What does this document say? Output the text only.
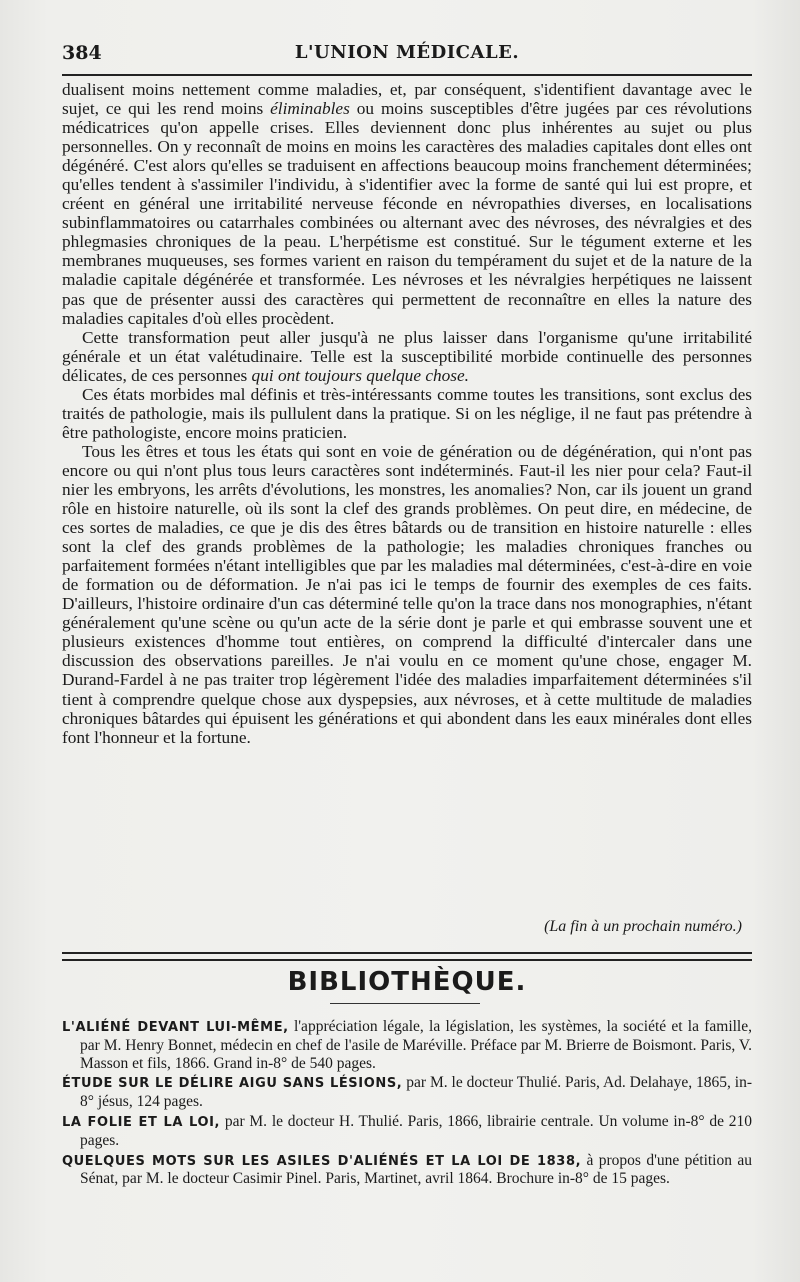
384	L'UNION MÉDICALE.

dualisent moins nettement comme maladies, et, par conséquent, s'identifient davantage avec le sujet, ce qui les rend moins éliminables ou moins susceptibles d'être jugées par ces révolutions médicatrices qu'on appelle crises. Elles deviennent donc plus inhérentes au sujet ou plus personnelles. On y reconnaît de moins en moins les caractères des maladies capitales dont elles ont dégénéré. C'est alors qu'elles se traduisent en affections beaucoup moins franchement déterminées; qu'elles tendent à s'assimiler l'individu, à s'identifier avec la forme de santé qui lui est propre, et créent en général une irritabilité nerveuse féconde en névropathies diverses, en localisations subinflammatoires ou catarrhales combinées ou alternant avec des névroses, des névralgies et des phlegmasies chroniques de la peau. L'herpétisme est constitué. Sur le tégument externe et les membranes muqueuses, ses formes varient en raison du tempérament du sujet et de la nature de la maladie capitale dégénérée et transformée. Les névroses et les névralgies herpétiques ne laissent pas que de présenter aussi des caractères qui permettent de reconnaître en elles la nature des maladies capitales d'où elles procèdent.

Cette transformation peut aller jusqu'à ne plus laisser dans l'organisme qu'une irritabilité générale et un état valétudinaire. Telle est la susceptibilité morbide continuelle des personnes délicates, de ces personnes qui ont toujours quelque chose.

Ces états morbides mal définis et très-intéressants comme toutes les transitions, sont exclus des traités de pathologie, mais ils pullulent dans la pratique. Si on les néglige, il ne faut pas prétendre à être pathologiste, encore moins praticien.

Tous les êtres et tous les états qui sont en voie de génération ou de dégénération, qui n'ont pas encore ou qui n'ont plus tous leurs caractères sont indéterminés. Faut-il les nier pour cela? Faut-il nier les embryons, les arrêts d'évolutions, les monstres, les anomalies? Non, car ils jouent un grand rôle en histoire naturelle, où ils sont la clef des grands problèmes. On peut dire, en médecine, de ces sortes de maladies, ce que je dis des êtres bâtards ou de transition en histoire naturelle : elles sont la clef des grands problèmes de la pathologie; les maladies chroniques franches ou parfaitement formées n'étant intelligibles que par les maladies mal déterminées, c'est-à-dire en voie de formation ou de déformation. Je n'ai pas ici le temps de fournir des exemples de ces faits. D'ailleurs, l'histoire ordinaire d'un cas déterminé telle qu'on la trace dans nos monographies, n'étant généralement qu'une scène ou qu'un acte de la série dont je parle et qui embrasse souvent une et plusieurs existences d'homme tout entières, on comprend la difficulté d'intercaler dans une discussion des observations pareilles. Je n'ai voulu en ce moment qu'une chose, engager M. Durand-Fardel à ne pas traiter trop légèrement l'idée des maladies imparfaitement déterminées s'il tient à comprendre quelque chose aux dyspepsies, aux névroses, et à cette multitude de maladies chroniques bâtardes qui épuisent les générations et qui abondent dans les eaux minérales dont elles font l'honneur et la fortune.

(La fin à un prochain numéro.)
BIBLIOTHÈQUE.

L'ALIÉNÉ DEVANT LUI-MÊME, l'appréciation légale, la législation, les systèmes, la société et la famille, par M. Henry Bonnet, médecin en chef de l'asile de Maréville. Préface par M. Brierre de Boismont. Paris, V. Masson et fils, 1866. Grand in-8° de 540 pages.

ÉTUDE SUR LE DÉLIRE AIGU SANS LÉSIONS, par M. le docteur Thulié. Paris, Ad. Delahaye, 1865, in-8° jésus, 124 pages.

LA FOLIE ET LA LOI, par M. le docteur H. Thulié. Paris, 1866, librairie centrale. Un volume in-8° de 210 pages.

QUELQUES MOTS SUR LES ASILES D'ALIÉNÉS ET LA LOI DE 1838, à propos d'une pétition au Sénat, par M. le docteur Casimir Pinel. Paris, Martinet, avril 1864. Brochure in-8° de 15 pages.
